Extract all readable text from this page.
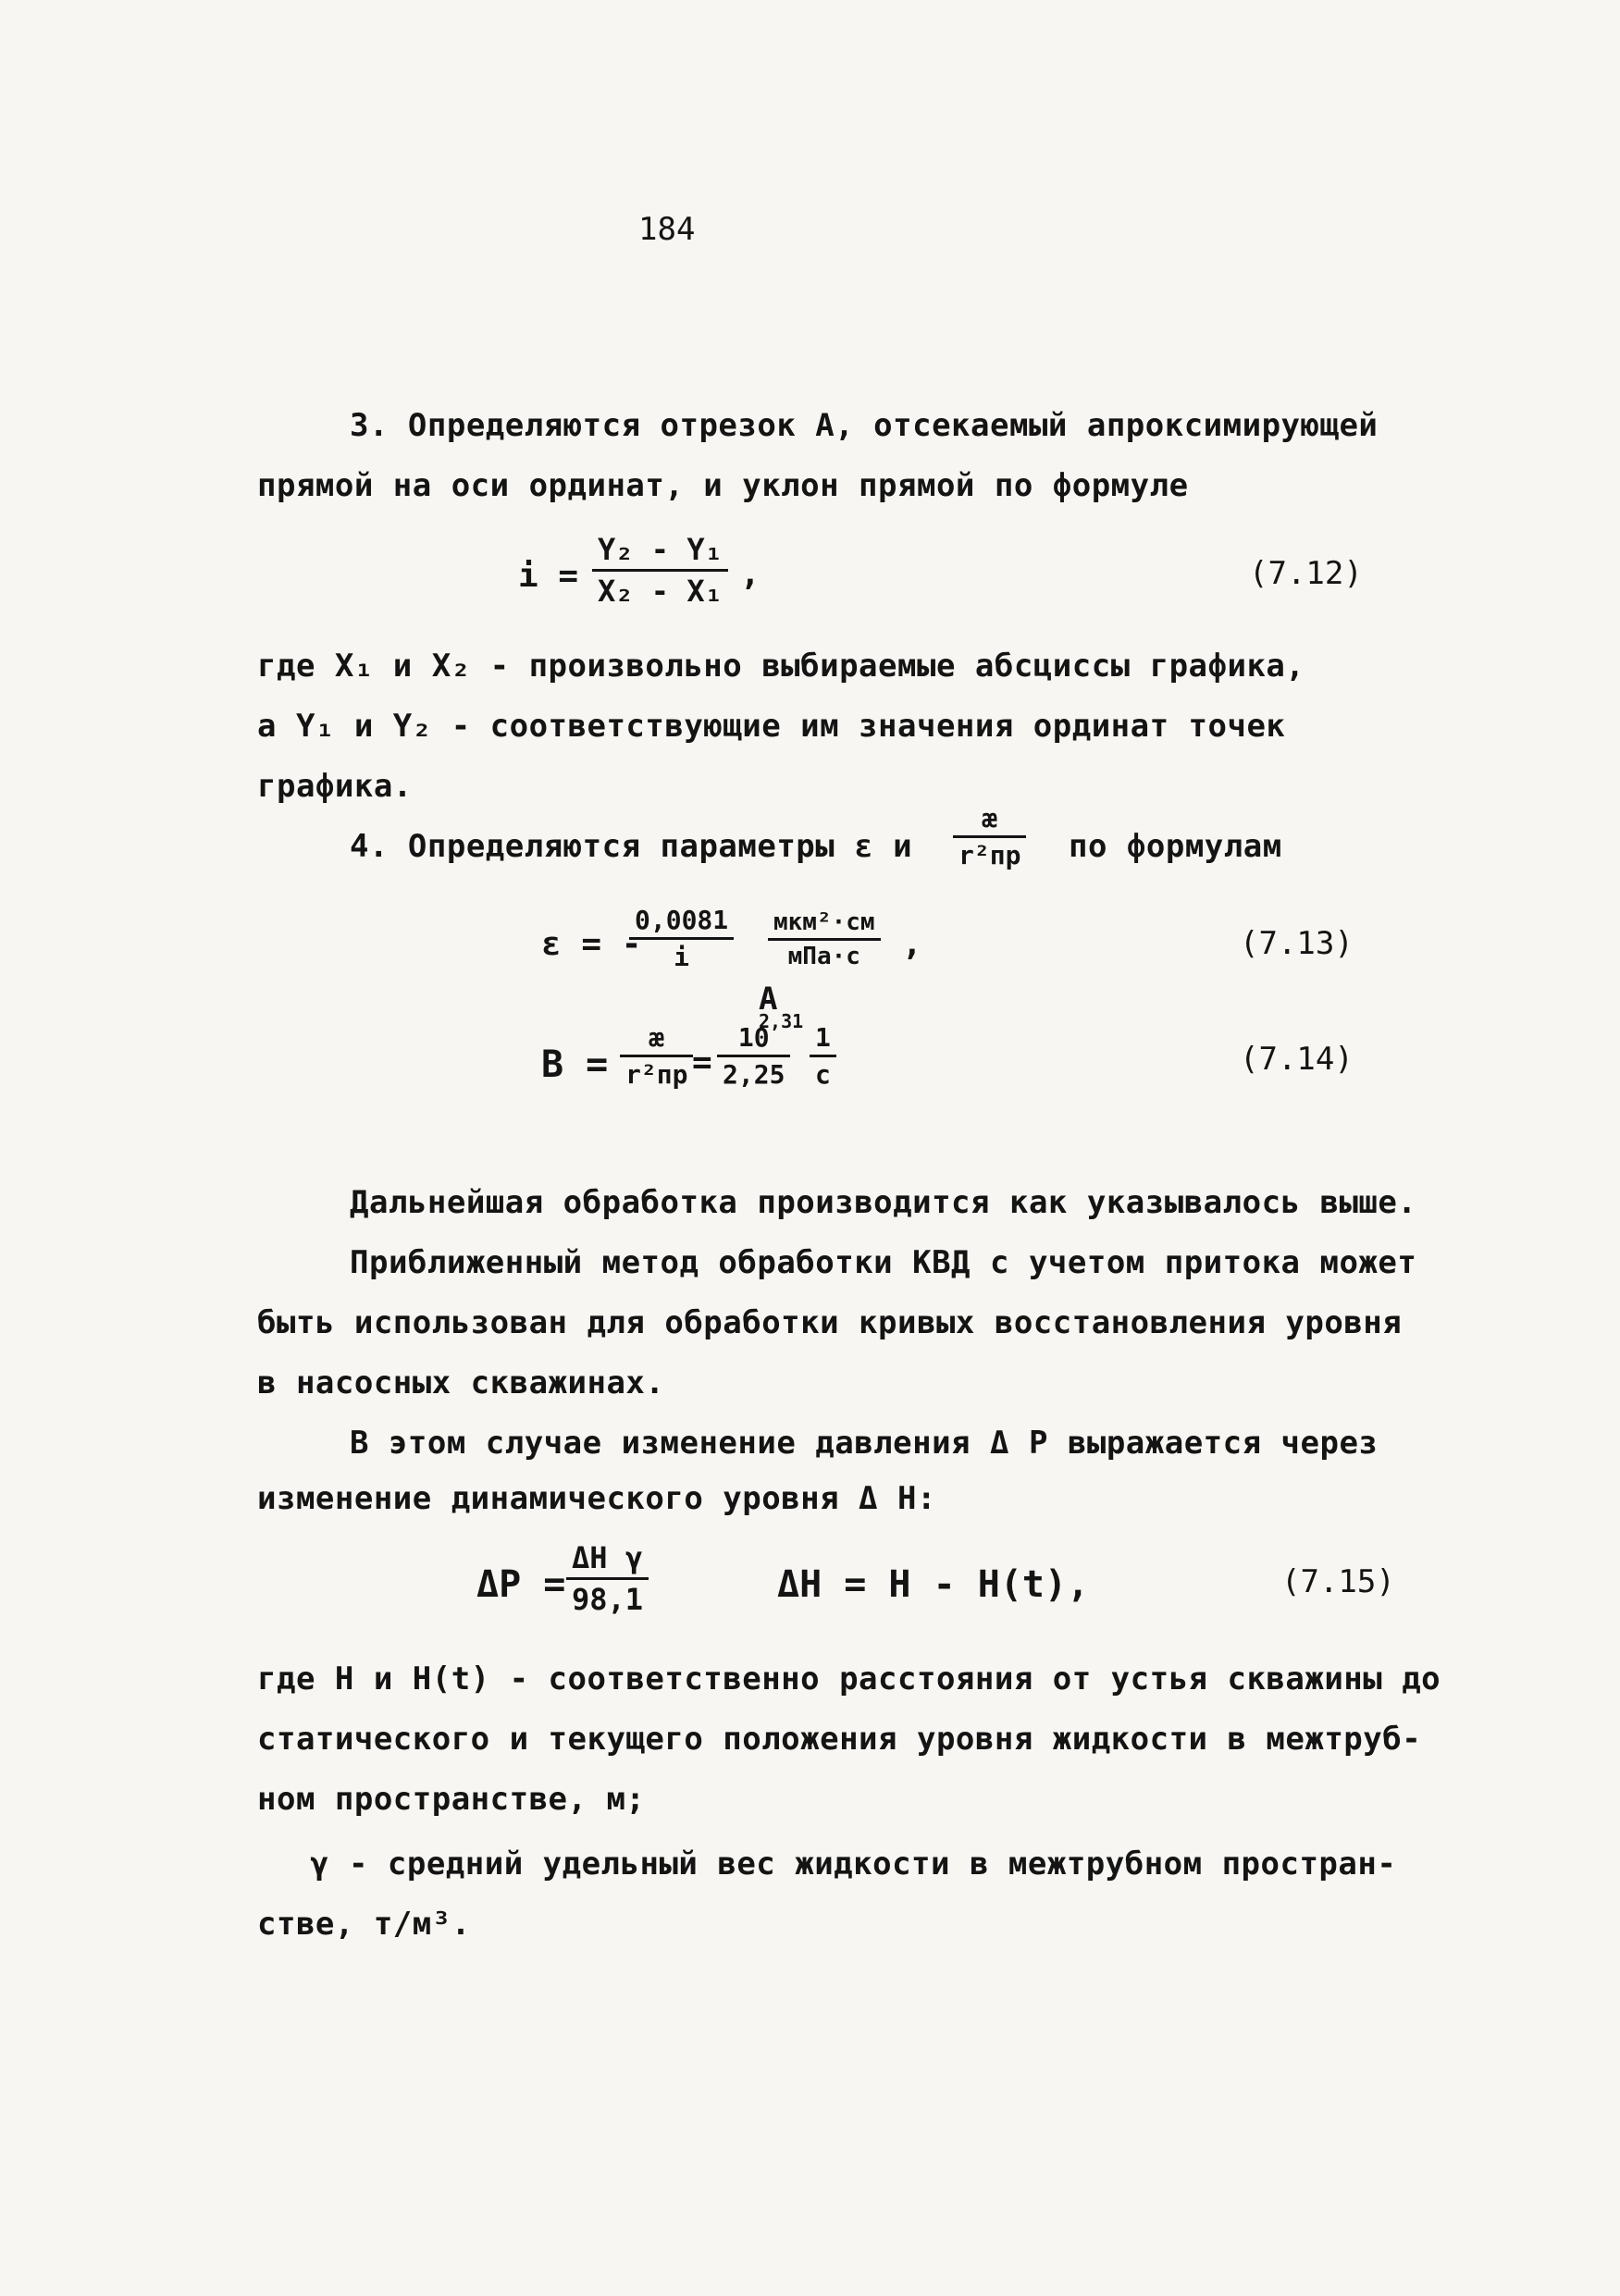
184
3. Определяются отрезок А, отсекаемый апроксимирующей
прямой на оси ординат, и уклон прямой по формуле
$i = \frac{\text{Y₂ - Y₁}}{\text{X₂ - X₁}}$ ,	(7.12)
где X₁ и X₂ - произвольно выбираемые абсциссы графика,
а Y₁ и Y₂ - соответствующие им значения ординат точек
графика.
4. Определяются параметры ε и
æ
r²пр по формулам
ε = -
$\frac{0,0081}{i} мкм^2\cdot см$
мПа·с	,	(7.13)
A
2,31
B =
æ
$r^2пр = \frac{10}{2,25} 1$
с	(7.14)
Дальнейшая обработка производится как указывалось выше.
Приближенный метод обработки КВД с учетом притока может
быть использован для обработки кривых восстановления уровня
в насосных скважинах.
В этом случае изменение давления Δ Р выражается через
изменение динамического уровня Δ Н:
$\Delta P = \frac{\text{ΔH γ}}{98,1}$	ΔH = H - H(t),	(7.15)
где H и H(t) - соответственно расстояния от устья скважины до
статического и текущего положения уровня жидкости в межтруб-
ном пространстве, м;
γ - средний удельный вес жидкости в межтрубном простран-
стве, т/м³.
